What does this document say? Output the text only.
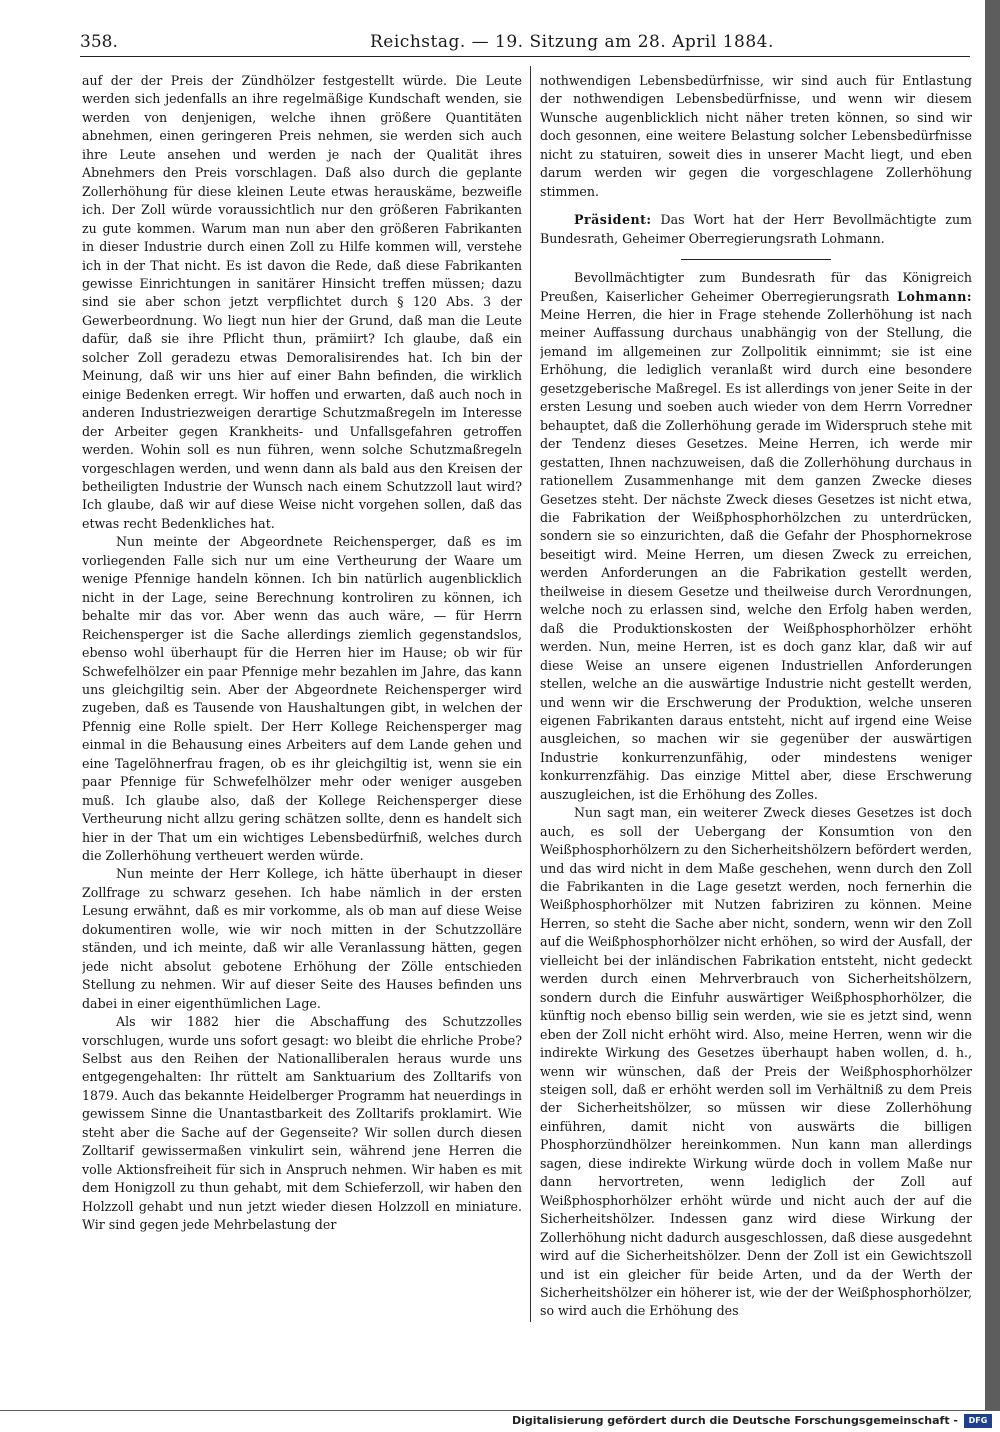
358.	Reichstag. — 19. Sitzung am 28. April 1884.

auf der der Preis der Zündhölzer festgestellt würde. Die Leute werden sich jedenfalls an ihre regelmäßige Kundschaft wenden, sie werden von denjenigen, welche ihnen größere Quantitäten abnehmen, einen geringeren Preis nehmen, sie werden sich auch ihre Leute ansehen und werden je nach der Qualität ihres Abnehmers den Preis vorschlagen. Daß also durch die geplante Zollerhöhung für diese kleinen Leute etwas herauskäme, bezweifle ich. Der Zoll würde voraussichtlich nur den größeren Fabrikanten zu gute kommen. Warum man nun aber den größeren Fabrikanten in dieser Industrie durch einen Zoll zu Hilfe kommen will, verstehe ich in der That nicht. Es ist davon die Rede, daß diese Fabrikanten gewisse Einrichtungen in sanitärer Hinsicht treffen müssen; dazu sind sie aber schon jetzt verpflichtet durch § 120 Abs. 3 der Gewerbeordnung. Wo liegt nun hier der Grund, daß man die Leute dafür, daß sie ihre Pflicht thun, prämiirt? Ich glaube, daß ein solcher Zoll geradezu etwas Demoralisirendes hat. Ich bin der Meinung, daß wir uns hier auf einer Bahn befinden, die wirklich einige Bedenken erregt. Wir hoffen und erwarten, daß auch noch in anderen Industriezweigen derartige Schutzmaßregeln im Interesse der Arbeiter gegen Krankheits- und Unfallsgefahren getroffen werden. Wohin soll es nun führen, wenn solche Schutzmaßregeln vorgeschlagen werden, und wenn dann als bald aus den Kreisen der betheiligten Industrie der Wunsch nach einem Schutzzoll laut wird? Ich glaube, daß wir auf diese Weise nicht vorgehen sollen, daß das etwas recht Bedenkliches hat.

Nun meinte der Abgeordnete Reichensperger, daß es im vorliegenden Falle sich nur um eine Vertheurung der Waare um wenige Pfennige handeln können. Ich bin natürlich augenblicklich nicht in der Lage, seine Berechnung kontroliren zu können, ich behalte mir das vor. Aber wenn das auch wäre, — für Herrn Reichensperger ist die Sache allerdings ziemlich gegenstandslos, ebenso wohl überhaupt für die Herren hier im Hause; ob wir für Schwefelhölzer ein paar Pfennige mehr bezahlen im Jahre, das kann uns gleichgiltig sein. Aber der Abgeordnete Reichensperger wird zugeben, daß es Tausende von Haushaltungen gibt, in welchen der Pfennig eine Rolle spielt. Der Herr Kollege Reichensperger mag einmal in die Behausung eines Arbeiters auf dem Lande gehen und eine Tagelöhnerfrau fragen, ob es ihr gleichgiltig ist, wenn sie ein paar Pfennige für Schwefelhölzer mehr oder weniger ausgeben muß. Ich glaube also, daß der Kollege Reichensperger diese Vertheurung nicht allzu gering schätzen sollte, denn es handelt sich hier in der That um ein wichtiges Lebensbedürfniß, welches durch die Zollerhöhung vertheuert werden würde.

Nun meinte der Herr Kollege, ich hätte überhaupt in dieser Zollfrage zu schwarz gesehen. Ich habe nämlich in der ersten Lesung erwähnt, daß es mir vorkomme, als ob man auf diese Weise dokumentiren wolle, wie wir noch mitten in der Schutzzolläre ständen, und ich meinte, daß wir alle Veranlassung hätten, gegen jede nicht absolut gebotene Erhöhung der Zölle entschieden Stellung zu nehmen. Wir auf dieser Seite des Hauses befinden uns dabei in einer eigenthümlichen Lage.

Als wir 1882 hier die Abschaffung des Schutzzolles vorschlugen, wurde uns sofort gesagt: wo bleibt die ehrliche Probe? Selbst aus den Reihen der Nationalliberalen heraus wurde uns entgegengehalten: Ihr rüttelt am Sanktuarium des Zolltarifs von 1879. Auch das bekannte Heidelberger Programm hat neuerdings in gewissem Sinne die Unantastbarkeit des Zolltarifs proklamirt. Wie steht aber die Sache auf der Gegenseite? Wir sollen durch diesen Zolltarif gewissermaßen vinkulirt sein, während jene Herren die volle Aktionsfreiheit für sich in Anspruch nehmen. Wir haben es mit dem Honigzoll zu thun gehabt, mit dem Schieferzoll, wir haben den Holzzoll gehabt und nun jetzt wieder diesen Holzzoll en miniature. Wir sind gegen jede Mehrbelastung der

nothwendigen Lebensbedürfnisse, wir sind auch für Entlastung der nothwendigen Lebensbedürfnisse, und wenn wir diesem Wunsche augenblicklich nicht näher treten können, so sind wir doch gesonnen, eine weitere Belastung solcher Lebensbedürfnisse nicht zu statuiren, soweit dies in unserer Macht liegt, und eben darum werden wir gegen die vorgeschlagene Zollerhöhung stimmen.

Präsident: Das Wort hat der Herr Bevollmächtigte zum Bundesrath, Geheimer Oberregierungsrath Lohmann.

Bevollmächtigter zum Bundesrath für das Königreich Preußen, Kaiserlicher Geheimer Oberregierungsrath Lohmann: Meine Herren, die hier in Frage stehende Zollerhöhung ist nach meiner Auffassung durchaus unabhängig von der Stellung, die jemand im allgemeinen zur Zollpolitik einnimmt; sie ist eine Erhöhung, die lediglich veranlaßt wird durch eine besondere gesetzgeberische Maßregel. Es ist allerdings von jener Seite in der ersten Lesung und soeben auch wieder von dem Herrn Vorredner behauptet, daß die Zollerhöhung gerade im Widerspruch stehe mit der Tendenz dieses Gesetzes. Meine Herren, ich werde mir gestatten, Ihnen nachzuweisen, daß die Zollerhöhung durchaus in rationellem Zusammenhange mit dem ganzen Zwecke dieses Gesetzes steht. Der nächste Zweck dieses Gesetzes ist nicht etwa, die Fabrikation der Weißphosphorhölzchen zu unterdrücken, sondern sie so einzurichten, daß die Gefahr der Phosphornekrose beseitigt wird. Meine Herren, um diesen Zweck zu erreichen, werden Anforderungen an die Fabrikation gestellt werden, theilweise in diesem Gesetze und theilweise durch Verordnungen, welche noch zu erlassen sind, welche den Erfolg haben werden, daß die Produktionskosten der Weißphosphorhölzer erhöht werden. Nun, meine Herren, ist es doch ganz klar, daß wir auf diese Weise an unsere eigenen Industriellen Anforderungen stellen, welche an die auswärtige Industrie nicht gestellt werden, und wenn wir die Erschwerung der Produktion, welche unseren eigenen Fabrikanten daraus entsteht, nicht auf irgend eine Weise ausgleichen, so machen wir sie gegenüber der auswärtigen Industrie konkurrenzunfähig, oder mindestens weniger konkurrenzfähig. Das einzige Mittel aber, diese Erschwerung auszugleichen, ist die Erhöhung des Zolles.

Nun sagt man, ein weiterer Zweck dieses Gesetzes ist doch auch, es soll der Uebergang der Konsumtion von den Weißphosphorhölzern zu den Sicherheitshölzern befördert werden, und das wird nicht in dem Maße geschehen, wenn durch den Zoll die Fabrikanten in die Lage gesetzt werden, noch fernerhin die Weißphosphorhölzer mit Nutzen fabriziren zu können. Meine Herren, so steht die Sache aber nicht, sondern, wenn wir den Zoll auf die Weißphosphorhölzer nicht erhöhen, so wird der Ausfall, der vielleicht bei der inländischen Fabrikation entsteht, nicht gedeckt werden durch einen Mehrverbrauch von Sicherheitshölzern, sondern durch die Einfuhr auswärtiger Weißphosphorhölzer, die künftig noch ebenso billig sein werden, wie sie es jetzt sind, wenn eben der Zoll nicht erhöht wird. Also, meine Herren, wenn wir die indirekte Wirkung des Gesetzes überhaupt haben wollen, d. h., wenn wir wünschen, daß der Preis der Weißphosphorhölzer steigen soll, daß er erhöht werden soll im Verhältniß zu dem Preis der Sicherheitshölzer, so müssen wir diese Zollerhöhung einführen, damit nicht von auswärts die billigen Phosphorzündhölzer hereinkommen. Nun kann man allerdings sagen, diese indirekte Wirkung würde doch in vollem Maße nur dann hervortreten, wenn lediglich der Zoll auf Weißphosphorhölzer erhöht würde und nicht auch der auf die Sicherheitshölzer. Indessen ganz wird diese Wirkung der Zollerhöhung nicht dadurch ausgeschlossen, daß diese ausgedehnt wird auf die Sicherheitshölzer. Denn der Zoll ist ein Gewichtszoll und ist ein gleicher für beide Arten, und da der Werth der Sicherheitshölzer ein höherer ist, wie der der Weißphosphorhölzer, so wird auch die Erhöhung des

Digitalisierung gefördert durch die Deutsche Forschungsgemeinschaft -	DFG
